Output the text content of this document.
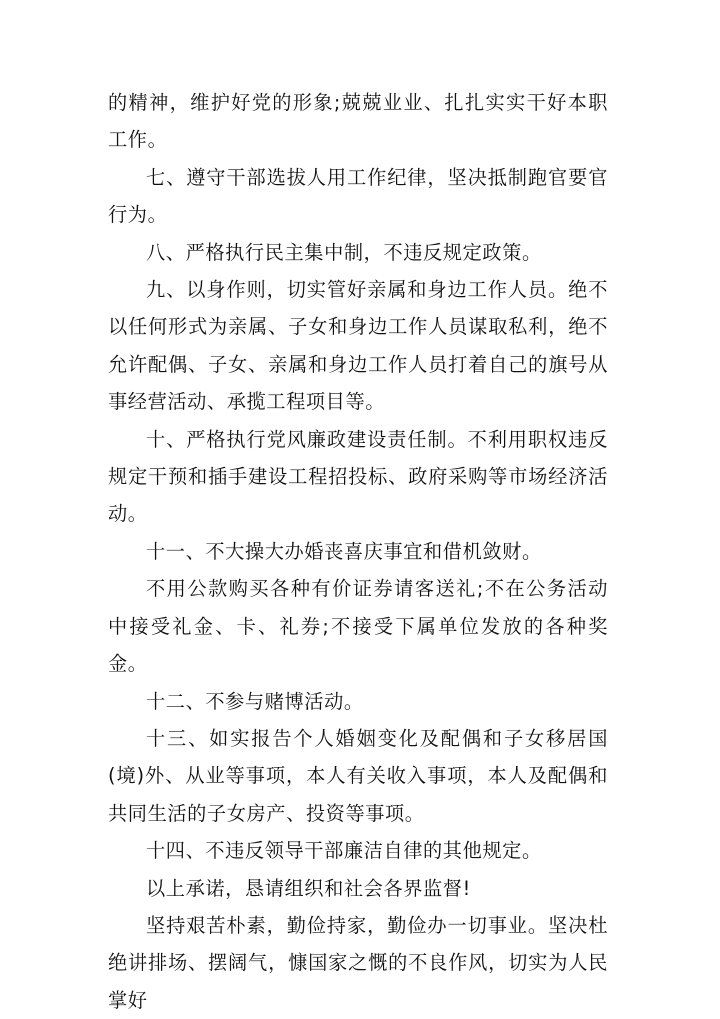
的精神，维护好党的形象;兢兢业业、扎扎实实干好本职工作。

七、遵守干部选拔人用工作纪律，坚决抵制跑官要官行为。

八、严格执行民主集中制，不违反规定政策。

九、以身作则，切实管好亲属和身边工作人员。绝不以任何形式为亲属、子女和身边工作人员谋取私利，绝不允许配偶、子女、亲属和身边工作人员打着自己的旗号从事经营活动、承揽工程项目等。

十、严格执行党风廉政建设责任制。不利用职权违反规定干预和插手建设工程招投标、政府采购等市场经济活动。

十一、不大操大办婚丧喜庆事宜和借机敛财。

不用公款购买各种有价证券请客送礼;不在公务活动中接受礼金、卡、礼券;不接受下属单位发放的各种奖金。

十二、不参与赌博活动。

十三、如实报告个人婚姻变化及配偶和子女移居国(境)外、从业等事项，本人有关收入事项，本人及配偶和共同生活的子女房产、投资等事项。

十四、不违反领导干部廉洁自律的其他规定。

以上承诺，恳请组织和社会各界监督!

坚持艰苦朴素，勤俭持家，勤俭办一切事业。坚决杜绝讲排场、摆阔气，慷国家之慨的不良作风，切实为人民掌好
